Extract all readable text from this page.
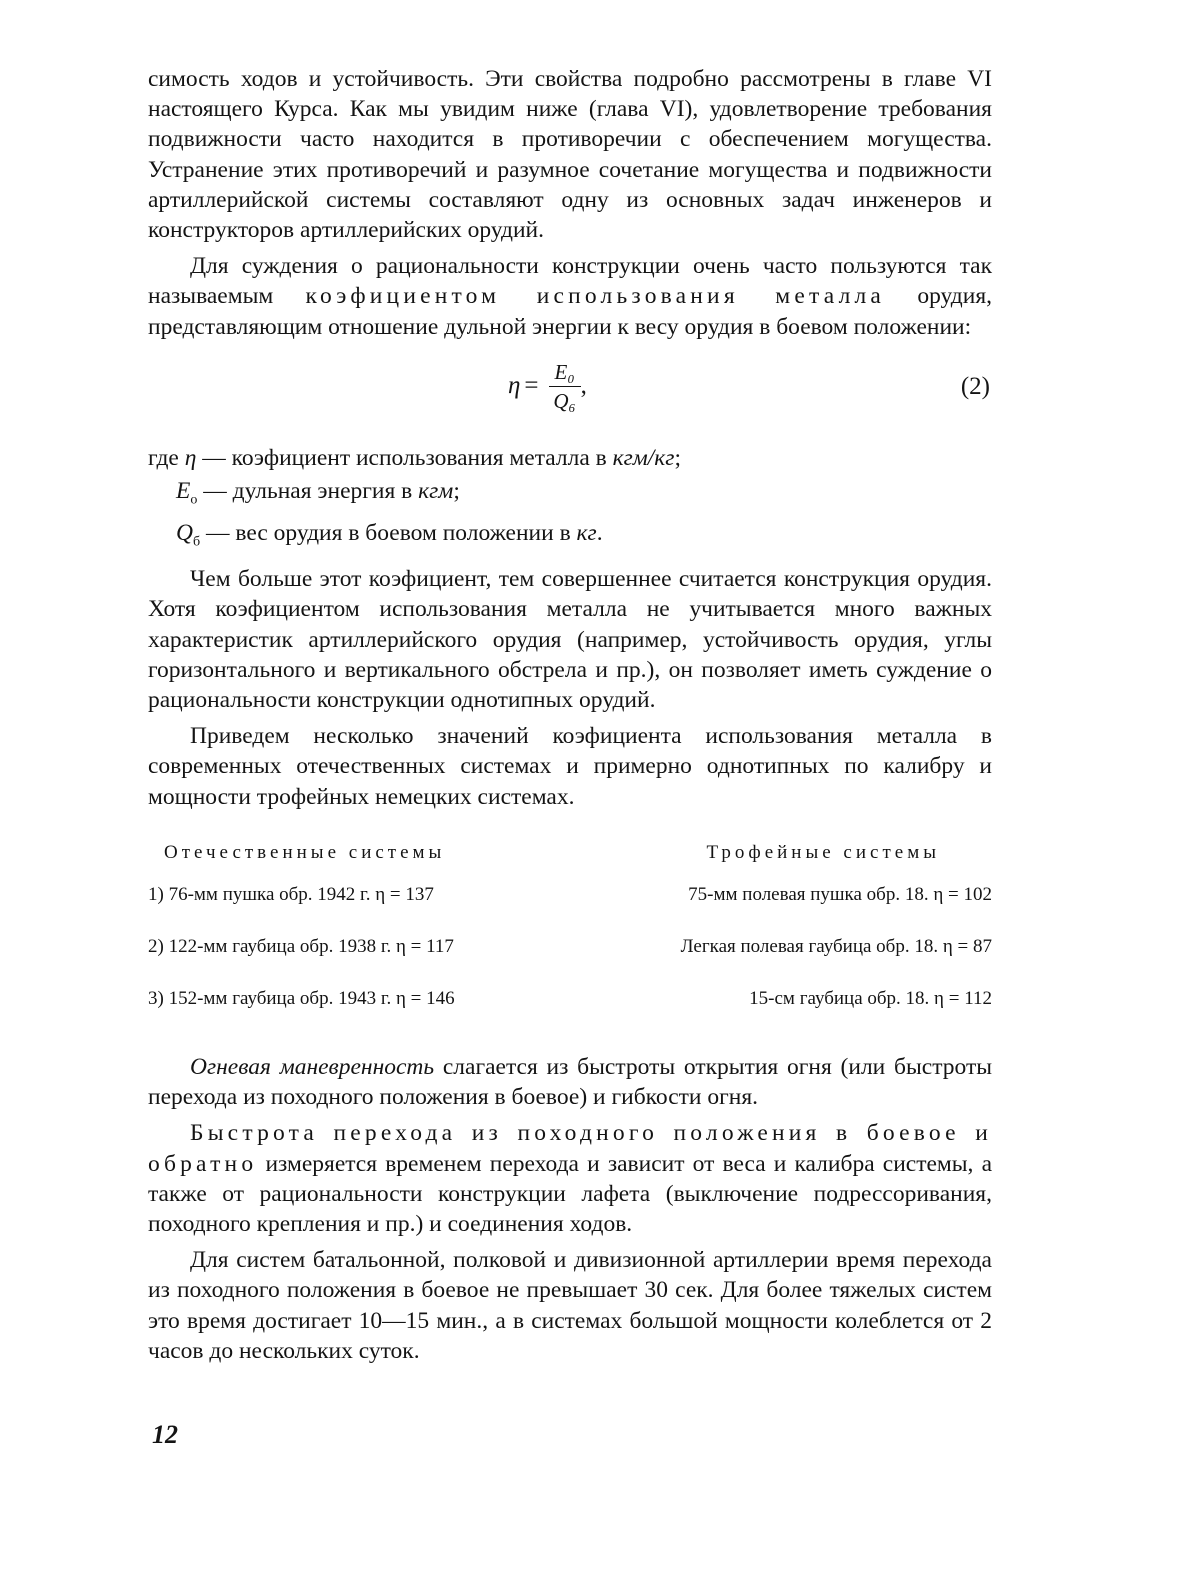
симость ходов и устойчивость. Эти свойства подробно рассмотрены в главе VI настоящего Курса. Как мы увидим ниже (глава VI), удовлетворение требования подвижности часто находится в противоречии с обеспечением могущества. Устранение этих противоречий и разумное сочетание могущества и подвижности артиллерийской системы составляют одну из основных задач инженеров и конструкторов артиллерийских орудий.

Для суждения о рациональности конструкции очень часто пользуются так называемым коэфициентом использования металла орудия, представляющим отношение дульной энергии к весу орудия в боевом положении:

$\eta = \frac{\text{E₀}}{\text{Q₆}}$ ,	(2)
где η — коэфициент использования металла в кгм/кг;
$E_о$ — дульная энергия в кгм;
$Q_б$ — вес орудия в боевом положении в кг.

Чем больше этот коэфициент, тем совершеннее считается конструкция орудия. Хотя коэфициентом использования металла не учитывается много важных характеристик артиллерийского орудия (например, устойчивость орудия, углы горизонтального и вертикального обстрела и пр.), он позволяет иметь суждение о рациональности конструкции однотипных орудий.

Приведем несколько значений коэфициента использования металла в современных отечественных системах и примерно однотипных по калибру и мощности трофейных немецких системах.

Отечественные системы	Трофейные системы
1) 76-мм пушка обр. 1942 г. η = 137	75-мм полевая пушка обр. 18. η = 102
2) 122-мм гаубица обр. 1938 г. η = 117	Легкая полевая гаубица обр. 18. η = 87
3) 152-мм гаубица обр. 1943 г. η = 146	15-см гаубица обр. 18. η = 112

Огневая маневренность слагается из быстроты открытия огня (или быстроты перехода из походного положения в боевое) и гибкости огня.

Быстрота перехода из походного положения в боевое и обратно измеряется временем перехода и зависит от веса и калибра системы, а также от рациональности конструкции лафета (выключение подрессоривания, походного крепления и пр.) и соединения ходов.

Для систем батальонной, полковой и дивизионной артиллерии время перехода из походного положения в боевое не превышает 30 сек. Для более тяжелых систем это время достигает 10—15 мин., а в системах большой мощности колеблется от 2 часов до нескольких суток.

12
